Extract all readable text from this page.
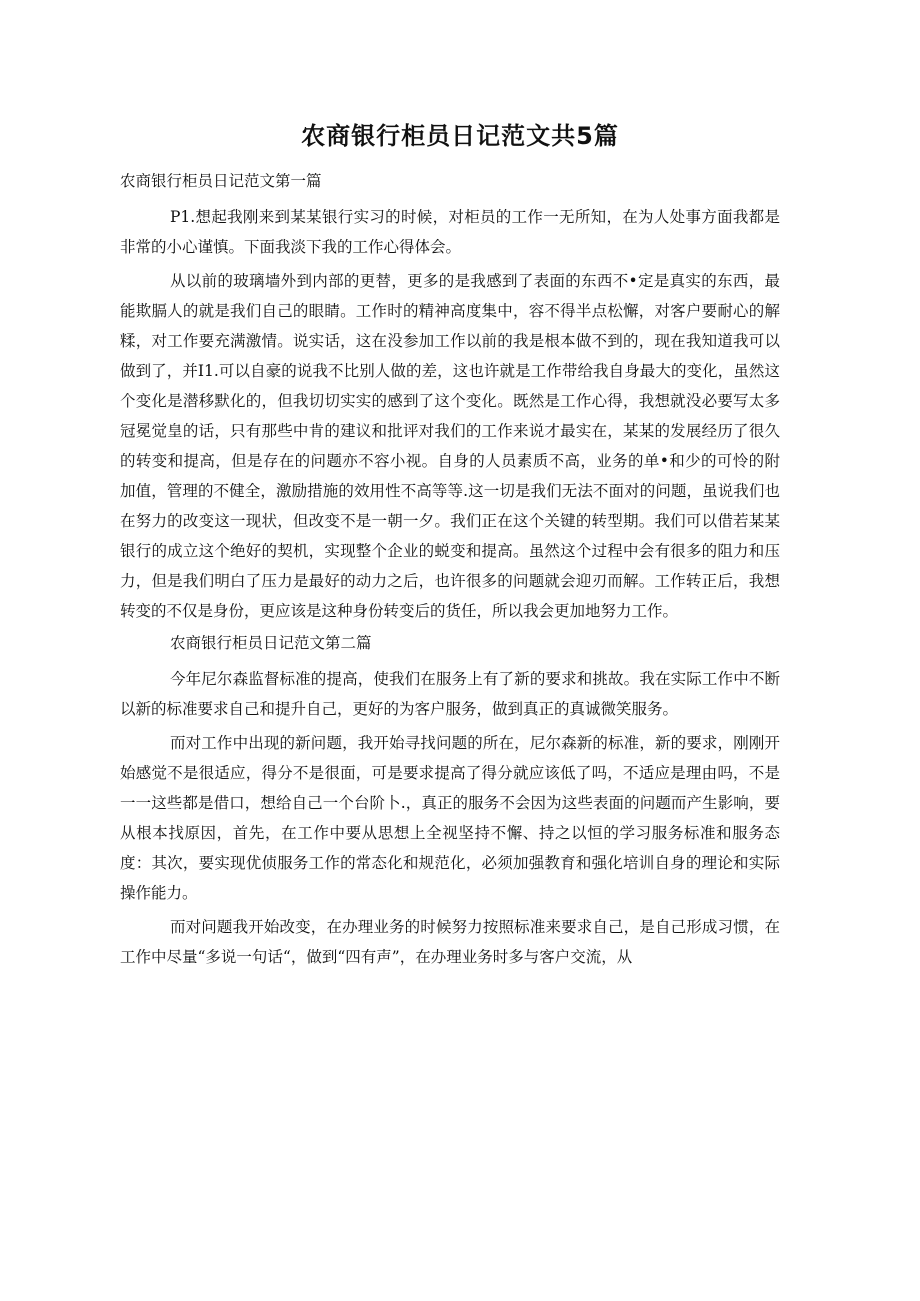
农商银行柜员日记范文共5篇
农商银行柜员日记范文第一篇

P1.想起我刚来到某某银行实习的时候，对柜员的工作一无所知，在为人处事方面我都是非常的小心谨慎。下面我淡下我的工作心得体会。

从以前的玻璃墙外到内部的更替，更多的是我感到了表面的东西不•定是真实的东西，最能欺膈人的就是我们自己的眼睛。工作时的精神高度集中，容不得半点松懈，对客户要耐心的解糅，对工作要充满激情。说实话，这在没参加工作以前的我是根本做不到的，现在我知道我可以做到了，并I1.可以自豪的说我不比别人做的差，这也许就是工作带给我自身最大的变化，虽然这个变化是潜移默化的，但我切切实实的感到了这个变化。既然是工作心得，我想就没必要写太多冠冕觉皇的话，只有那些中肯的建议和批评对我们的工作来说才最实在，某某的发展经历了很久的转变和提高，但是存在的问题亦不容小视。自身的人员素质不高，业务的单•和少的可怜的附加值，管理的不健全，激励措施的效用性不高等等.这一切是我们无法不面对的问题，虽说我们也在努力的改变这一现状，但改变不是一朝一夕。我们正在这个关键的转型期。我们可以借若某某银行的成立这个绝好的契机，实现整个企业的蜕变和提高。虽然这个过程中会有很多的阻力和压力，但是我们明白了压力是最好的动力之后，也许很多的问题就会迎刃而解。工作转正后，我想转变的不仅是身份，更应该是这种身份转变后的货任，所以我会更加地努力工作。

农商银行柜员日记范文第二篇

今年尼尔森监督标准的提高，使我们在服务上有了新的要求和挑故。我在实际工作中不断以新的标准要求自己和提升自己，更好的为客户服务，做到真正的真诚微笑服务。

而对工作中出现的新问题，我开始寻找问题的所在，尼尔森新的标准，新的要求，刚刚开始感觉不是很适应，得分不是很面，可是要求提高了得分就应该低了吗，不适应是理由吗，不是一一这些都是借口，想给自己一个台阶卜.，真正的服务不会因为这些表面的问题而产生影响，要从根本找原因，首先，在工作中要从思想上全视坚持不懈、持之以恒的学习服务标准和服务态度：其次，要实现优侦服务工作的常态化和规范化，必须加强教育和强化培训自身的理论和实际操作能力。

而对问题我开始改变，在办理业务的时候努力按照标准来要求自己，是自己形成习惯，在工作中尽量“多说一句话“，做到“四有声”，在办理业务时多与客户交流，从
